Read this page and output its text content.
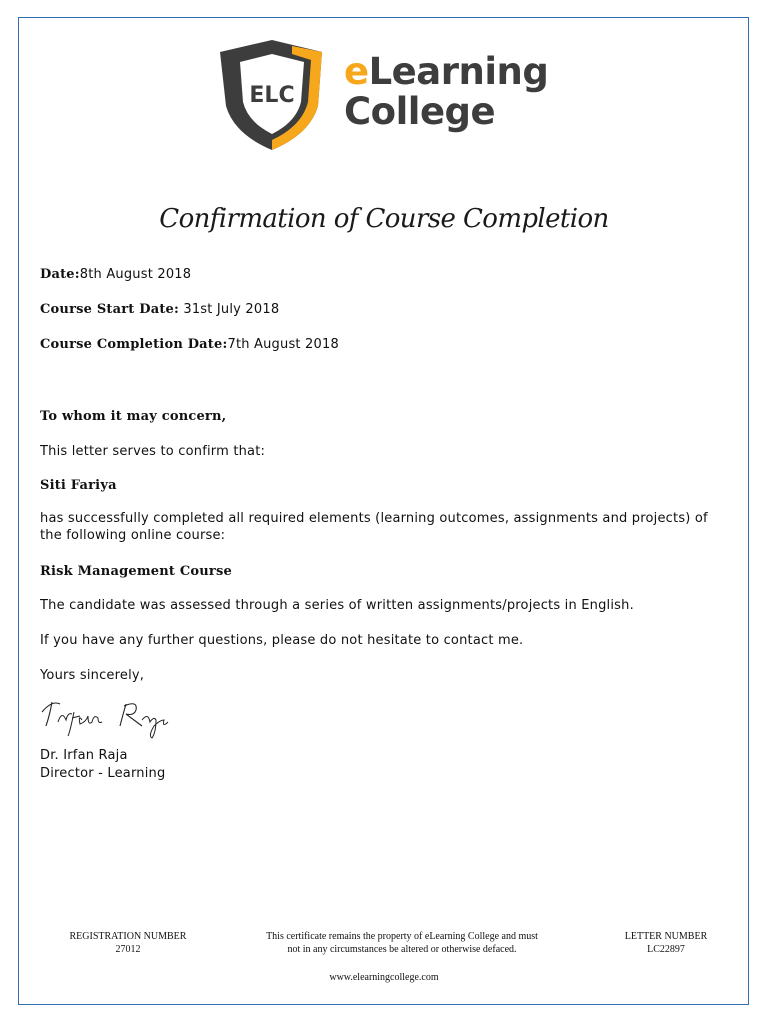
ELC
eLearning
College
Confirmation of Course Completion
Date:8th August 2018
Course Start Date: 31st July 2018
Course Completion Date:7th August 2018
To whom it may concern,
This letter serves to confirm that:
Siti Fariya
has successfully completed all required elements (learning outcomes, assignments and projects) of the following online course:
Risk Management Course
The candidate was assessed through a series of written assignments/projects in English.
If you have any further questions, please do not hesitate to contact me.
Yours sincerely,
Dr. Irfan Raja
Director - Learning
REGISTRATION NUMBER
27012
This certificate remains the property of eLearning College and must
not in any circumstances be altered or otherwise defaced.
LETTER NUMBER
LC22897
www.elearningcollege.com
